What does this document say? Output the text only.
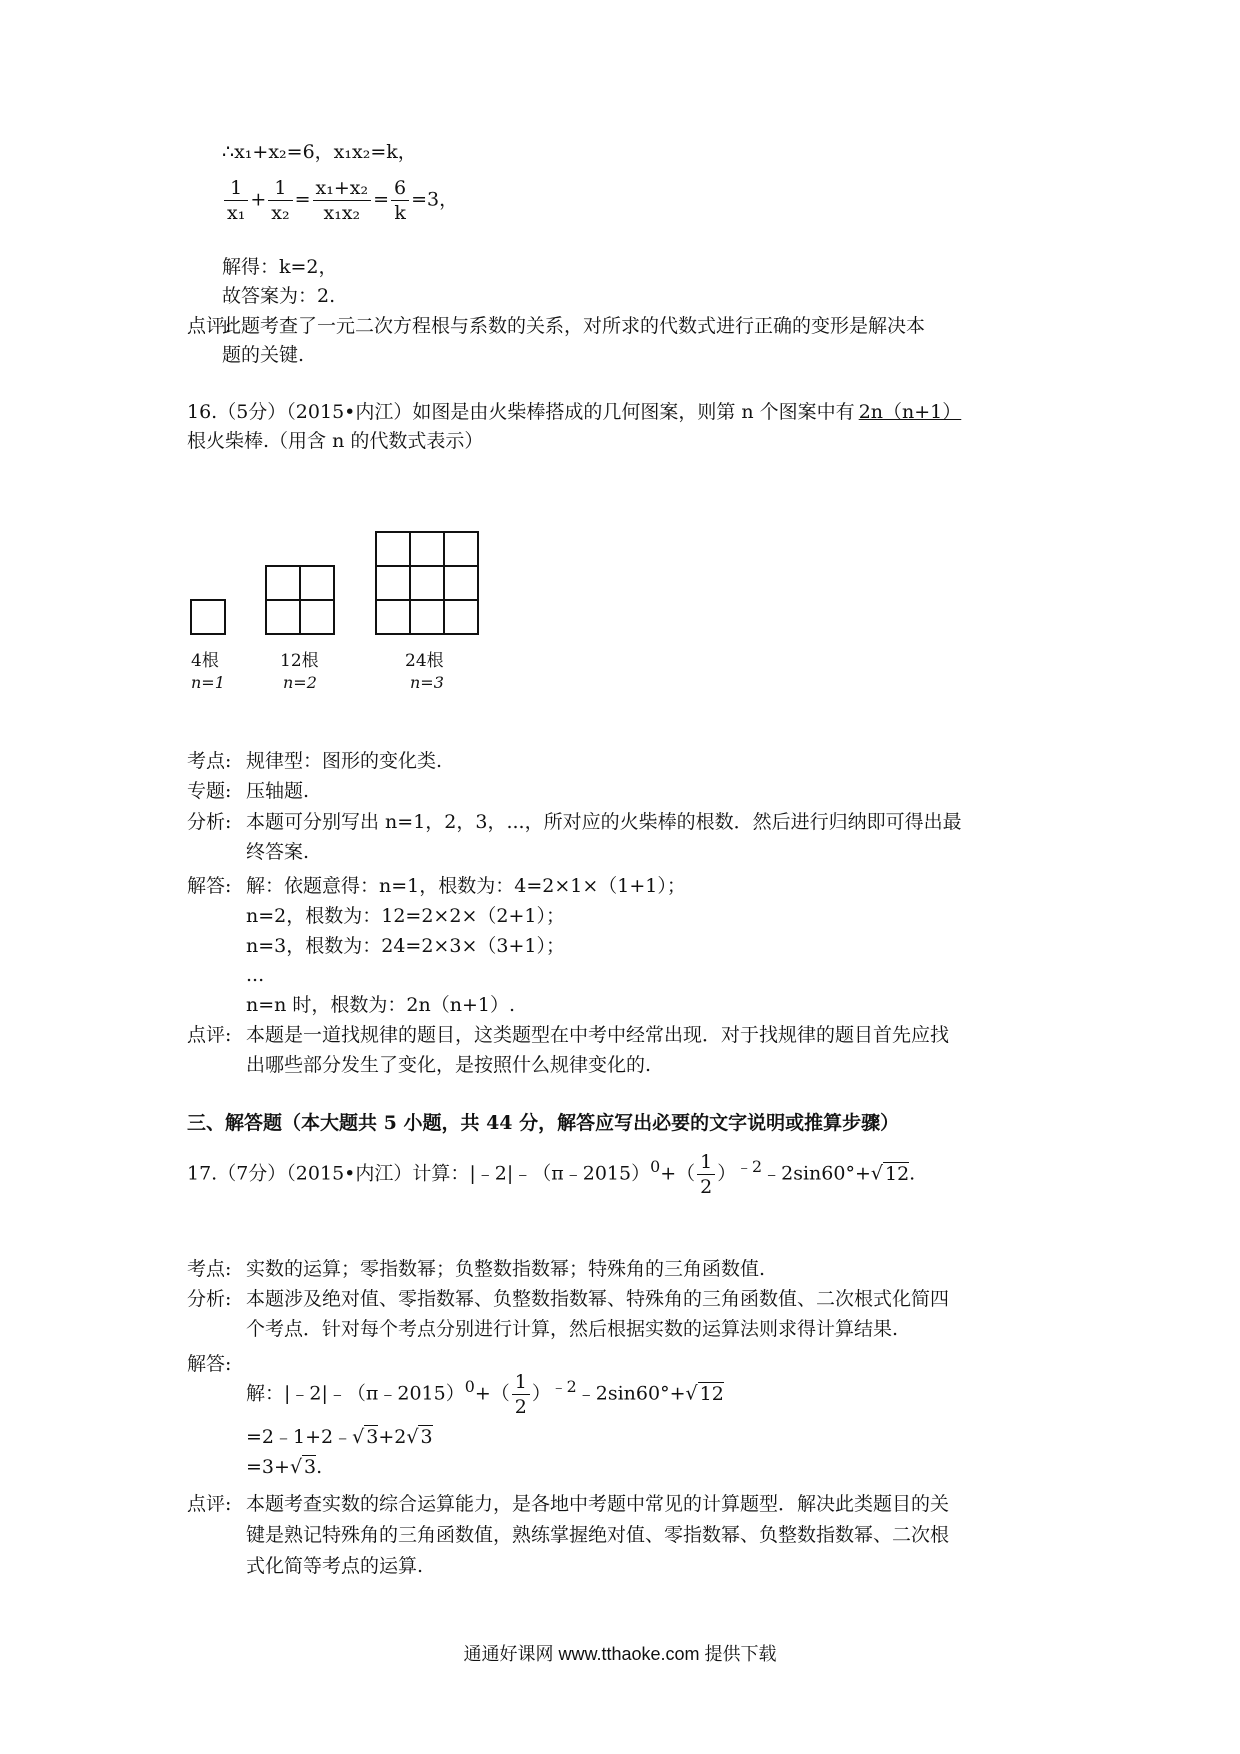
∴x₁+x₂=6，x₁x₂=k，
$\frac{1}{\text{x₁}} + \frac{1}{\text{x₂}} = \frac{\text{x₁+x₂}}{\text{x₁x₂}} = \frac{6}{k} =3$，
解得：k=2，
故答案为：2.
点评:
此题考查了一元二次方程根与系数的关系，对所求的代数式进行正确的变形是解决本
题的关键.
16.（5分）（2015•内江）如图是由火柴棒搭成的几何图案，则第 n 个图案中有 2n（n+1）
根火柴棒.（用含 n 的代数式表示）
4根
n=1
12根
n=2
24根
n=3
考点: 规律型：图形的变化类.
专题: 压轴题.
分析: 本题可分别写出 n=1，2，3，...，所对应的火柴棒的根数．然后进行归纳即可得出最
终答案.
解答: 解：依题意得：n=1，根数为：4=2×1×（1+1）；
n=2，根数为：12=2×2×（2+1）；
n=3，根数为：24=2×3×（3+1）；
...
n=n 时，根数为：2n（n+1）.
点评: 本题是一道找规律的题目，这类题型在中考中经常出现．对于找规律的题目首先应找
出哪些部分发生了变化，是按照什么规律变化的.
三、解答题（本大题共 5 小题，共 44 分，解答应写出必要的文字说明或推算步骤）
17.（7分）（2015•内江）计算：|﹣2|﹣（π﹣2015）$^0$+（ $\frac{1}{2}$ ）$^{﹣2}$﹣2sin60°+√ 12.
考点: 实数的运算；零指数幂；负整数指数幂；特殊角的三角函数值.
分析: 本题涉及绝对值、零指数幂、负整数指数幂、特殊角的三角函数值、二次根式化简四
个考点．针对每个考点分别进行计算，然后根据实数的运算法则求得计算结果.
解答:
解：|﹣2|﹣（π﹣2015）$^0$+（ $\frac{1}{2}$ ）$^{﹣2}$﹣2sin60°+√ 12
=2﹣1+2﹣√ 3+2√ 3
=3+√ 3.
点评: 本题考查实数的综合运算能力，是各地中考题中常见的计算题型．解决此类题目的关
键是熟记特殊角的三角函数值，熟练掌握绝对值、零指数幂、负整数指数幂、二次根
式化简等考点的运算.
通通好课网 www.tthaoke.com 提供下载
